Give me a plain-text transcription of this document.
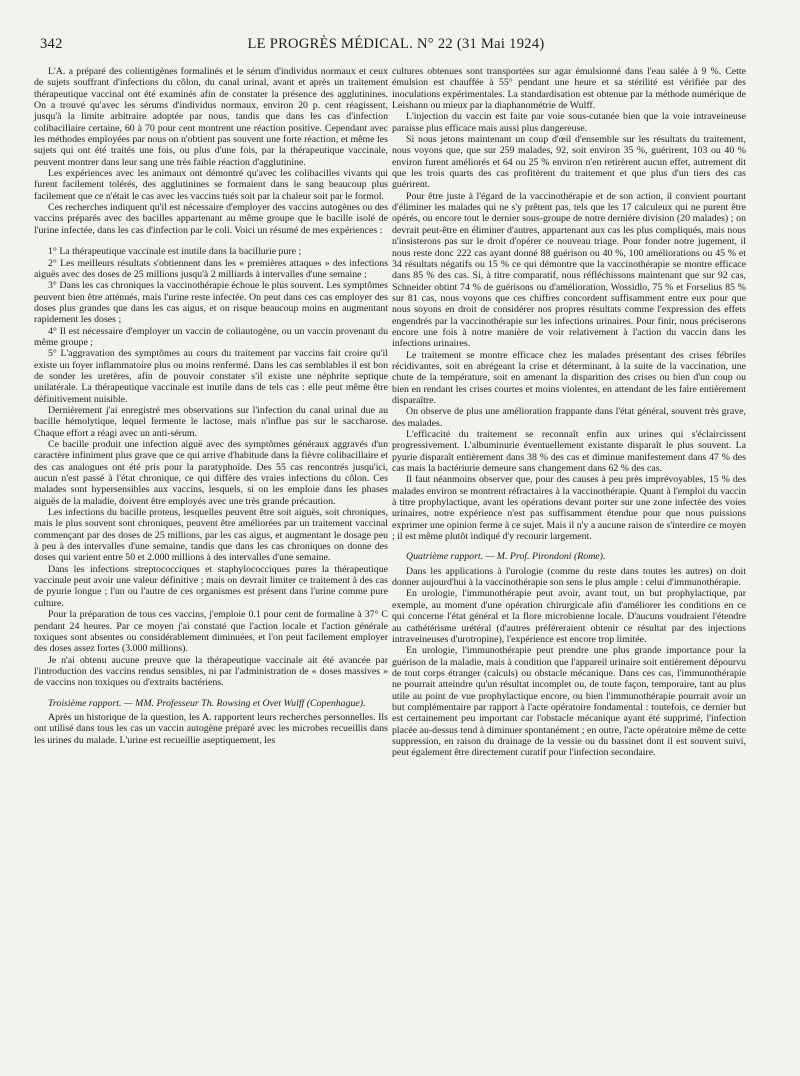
342	LE PROGRÈS MÉDICAL. N° 22 (31 Mai 1924)

L'A. a préparé des colientigènes formalinés et le sérum d'individus normaux et ceux de sujets souffrant d'infections du côlon, du canal urinal, avant et après un traitement thérapeutique vaccinal ont été examinés afin de constater la présence des agglutinines. On a trouvé qu'avec les sérums d'individus normaux, environ 20 p. cent réagissent, jusqu'à la limite arbitraire adoptée par nous, tandis que dans les cas d'infection colibacillaire certaine, 60 à 70 pour cent montrent une réaction positive. Cependant avec les méthodes employées par nous on n'obtient pas souvent une forte réaction, et même les sujets qui ont été traités une fois, ou plus d'une fois, par la thérapeutique vaccinale, peuvent montrer dans leur sang une très faible réaction d'agglutinine.

Les expériences avec les animaux ont démontré qu'avec les colibacilles vivants qui furent facilement tolérés, des agglutinines se formaient dans le sang beaucoup plus facilement que ce n'était le cas avec les vaccins tués soit par la chaleur soit par le formol.

Ces recherches indiquent qu'il est nécessaire d'employer des vaccins autogènes ou des vaccins préparés avec des bacilles appartenant au même groupe que le bacille isolé de l'urine infectée, dans les cas d'infection par le coli. Voici un résumé de mes expériences :

1° La thérapeutique vaccinale est inutile dans la bacillurie pure ;

2° Les meilleurs résultats s'obtiennent dans les « premières attaques » des infections aiguës avec des doses de 25 millions jusqu'à 2 milliards à intervalles d'une semaine ;

3° Dans les cas chroniques la vaccinothérapie échoue le plus souvent. Les symptômes peuvent bien être atténués, mais l'urine reste infectée. On peut dans ces cas employer des doses plus grandes que dans les cas aigus, et on risque beaucoup moins en augmentant rapidement les doses ;

4° Il est nécessaire d'employer un vaccin de coliautogène, ou un vaccin provenant du même groupe ;

5° L'aggravation des symptômes au cours du traitement par vaccins fait croire qu'il existe un foyer inflammatoire plus ou moins renfermé. Dans les cas semblables il est bon de sonder les uretères, afin de pouvoir constater s'il existe une néphrite septique unilatérale. La thérapeutique vaccinale est inutile dans de tels cas : elle peut même être définitivement nuisible.

Dernièrement j'ai enregistré mes observations sur l'infection du canal urinal due au bacille hémolytique, lequel fermente le lactose, mais n'influe pas sur le saccharose. Chaque effort a réagi avec un anti-sérum.

Ce bacille produit une infection aiguë avec des symptômes généraux aggravés d'un caractère infiniment plus grave que ce qui arrive d'habitude dans la fièvre colibacillaire et des cas analogues ont été pris pour la paratyphoïde. Des 55 cas rencontrés jusqu'ici, aucun n'est passé à l'état chronique, ce qui diffère des vraies infections du côlon. Ces malades sont hypersensibles aux vaccins, lesquels, si on les emploie dans les phases aiguës de la maladie, doivent être employés avec une très grande précaution.

Les infections du bacille proteus, lesquelles peuvent être soit aiguës, soit chroniques, mais le plus souvent sont chroniques, peuvent être améliorées par un traitement vaccinal commençant par des doses de 25 millions, par les cas aigus, et augmentant le dosage peu à peu à des intervalles d'une semaine, tandis que dans les cas chroniques on donne des doses qui varient entre 50 et 2.000 millions à des intervalles d'une semaine.

Dans les infections streptococciques et staphylococciques pures la thérapeutique vaccinale peut avoir une valeur définitive ; mais on devrait limiter ce traitement à des cas de pyurie longue ; l'un ou l'autre de ces organismes est présent dans l'urine comme pure culture.

Pour la préparation de tous ces vaccins, j'emploie 0.1 pour cent de formaline à 37° C pendant 24 heures. Par ce moyen j'ai constaté que l'action locale et l'action générale toxiques sont absentes ou considérablement diminuées, et l'on peut facilement employer des doses assez fortes (3.000 millions).

Je n'ai obtenu aucune preuve que la thérapeutique vaccinale ait été avancée par l'introduction des vaccins rendus sensibles, ni par l'administration de « doses massives » de vaccins non toxiques ou d'extraits bactériens.

Troisième rapport. — MM. Professeur Th. Rowsing et Ovet Wulff (Copenhague).

Après un historique de la question, les A. rapportent leurs recherches personnelles. Ils ont utilisé dans tous les cas un vaccin autogène préparé avec les microbes recueillis dans les urines du malade. L'urine est recueillie aseptiquement, les

cultures obtenues sont transportées sur agar émulsionné dans l'eau salée à 9 %. Cette émulsion est chauffée à 55° pendant une heure et sa stérilité est vérifiée par des inoculations expérimentales. La standardisation est obtenue par la méthode numérique de Leishann ou mieux par la diaphanométrie de Wulff.

L'injection du vaccin est faite par voie sous-cutanée bien que la voie intraveineuse paraisse plus efficace mais aussi plus dangereuse.

Si nous jetons maintenant un coup d'œil d'ensemble sur les résultats du traitement, nous voyons que, que sur 259 malades, 92, soit environ 35 %, guérirent, 103 ou 40 % environ furent améliorés et 64 ou 25 % environ n'en retirèrent aucun effet, autrement dit que les trois quarts des cas profitèrent du traitement et que plus d'un tiers des cas guérirent.

Pour être juste à l'égard de la vaccinothérapie et de son action, il convient pourtant d'éliminer les malades qui ne s'y prêtent pas, tels que les 17 calculeux qui ne purent être opérés, ou encore tout le dernier sous-groupe de notre dernière division (20 malades) ; on devrait peut-être en éliminer d'autres, appartenant aux cas les plus compliqués, mais nous n'insisterons pas sur le droit d'opérer ce nouveau triage. Pour fonder notre jugement, il nous reste donc 222 cas ayant donné 88 guérison ou 40 %, 100 améliorations ou 45 % et 34 résultats négatifs ou 15 % ce qui démontre que la vaccinothérapie se montre efficace dans 85 % des cas. Si, à titre comparatif, nous réfléchissons maintenant que sur 92 cas, Schneider obtint 74 % de guérisons ou d'amélioration, Wossidlo, 75 % et Forselius 85 % sur 81 cas, nous voyons que ces chiffres concordent suffisamment entre eux pour que nous soyons en droit de considérer nos propres résultats comme l'expression des effets engendrés par la vaccinothérapie sur les infections urinaires. Pour finir, nous préciserons encore une fois à notre manière de voir relativement à l'action du vaccin dans les infections urinaires.

Le traitement se montre efficace chez les malades présentant des crises fébriles récidivantes, soit en abrégeant la crise et déterminant, à la suite de la vaccination, une chute de la température, soit en amenant la disparition des crises ou bien d'un coup ou bien en rendant les crises courtes et moins violentes, en attendant de les faire entièrement disparaître.

On observe de plus une amélioration frappante dans l'état général, souvent très grave, des malades.

L'efficacité du traitement se reconnaît enfin aux urines qui s'éclaircissent progressivement. L'albuminurie éventuellement existante disparaît le plus souvent. La pyurie disparaît entièrement dans 38 % des cas et diminue manifestement dans 47 % des cas mais la bactériurie demeure sans changement dans 62 % des cas.

Il faut néanmoins observer que, pour des causes à peu près imprévoyables, 15 % des malades environ se montrent réfractaires à la vaccinothérapie. Quant à l'emploi du vaccin à titre prophylactique, avant les opérations devant porter sur une zone infectée des voies urinaires, notre expérience n'est pas suffisamment étendue pour que nous puissions exprimer une opinion ferme à ce sujet. Mais il n'y a aucune raison de s'interdire ce moyen ; il est même plutôt indiqué d'y recourir largement.

Quatrième rapport. — M. Prof. Pirondoni (Rome).

Dans les applications à l'urologie (comme du reste dans toutes les autres) on doit donner aujourd'hui à la vaccinothérapie son sens le plus ample : celui d'immunothérapie.

En urologie, l'immunothérapie peut avoir, avant tout, un but prophylactique, par exemple, au moment d'une opération chirurgicale afin d'améliorer les conditions en ce qui concerne l'état général et la flore microbienne locale. D'aucuns voudraient l'étendre au cathétérisme urétéral (d'autres préféreraient obtenir ce résultat par des injections intraveineuses d'urotropine), l'expérience est encore trop limitée.

En urologie, l'immunothérapie peut prendre une plus grande importance pour la guérison de la maladie, mais à condition que l'appareil urinaire soit entièrement dépourvu de tout corps étranger (calculs) ou obstacle mécanique. Dans ces cas, l'immunothérapie ne pourrait atteindre qu'un résultat incomplet ou, de toute façon, temporaire, tant au plus utile au point de vue prophylactique encore, ou bien l'immunothérapie pourrait avoir un but complémentaire par rapport à l'acte opératoire fondamental : toutefois, ce dernier but est certainement peu important car l'obstacle mécanique ayant été supprimé, l'infection placée au-dessus tend à diminuer spontanément ; en outre, l'acte opératoire même de cette suppression, en raison du drainage de la vessie ou du bassinet dont il est souvent suivi, peut également être directement curatif pour l'infection secondaire.
